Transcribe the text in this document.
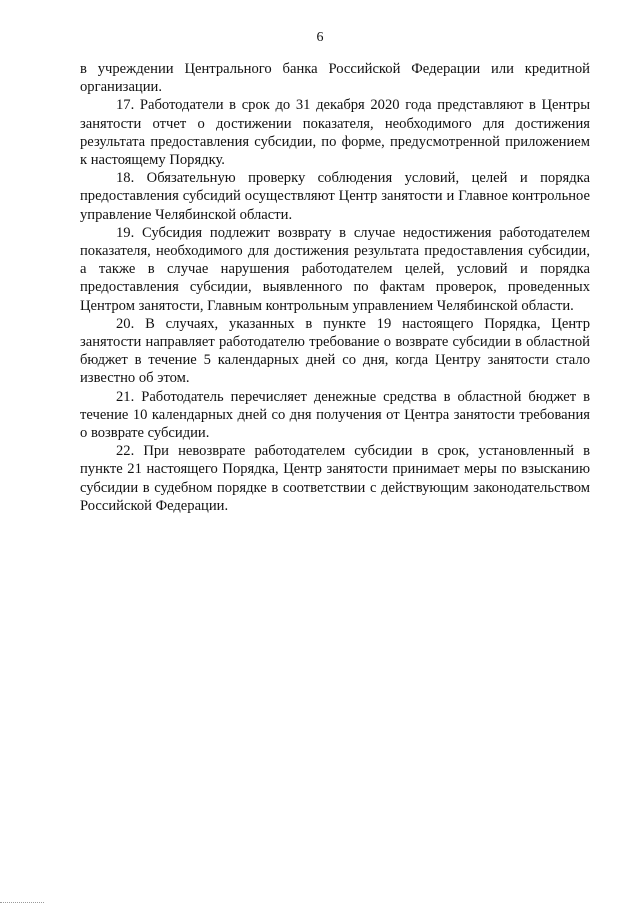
6

в учреждении Центрального банка Российской Федерации или кредитной организации.

17. Работодатели в срок до 31 декабря 2020 года представляют в Центры занятости отчет о достижении показателя, необходимого для достижения результата предоставления субсидии, по форме, предусмотренной приложением к настоящему Порядку.

18. Обязательную проверку соблюдения условий, целей и порядка предоставления субсидий осуществляют Центр занятости и Главное контрольное управление Челябинской области.

19. Субсидия подлежит возврату в случае недостижения работодателем показателя, необходимого для достижения результата предоставления субсидии, а также в случае нарушения работодателем целей, условий и порядка предоставления субсидии, выявленного по фактам проверок, проведенных Центром занятости, Главным контрольным управлением Челябинской области.

20. В случаях, указанных в пункте 19 настоящего Порядка, Центр занятости направляет работодателю требование о возврате субсидии в областной бюджет в течение 5 календарных дней со дня, когда Центру занятости стало известно об этом.

21. Работодатель перечисляет денежные средства в областной бюджет в течение 10 календарных дней со дня получения от Центра занятости требования о возврате субсидии.

22. При невозврате работодателем субсидии в срок, установленный в пункте 21 настоящего Порядка, Центр занятости принимает меры по взысканию субсидии в судебном порядке в соответствии с действующим законодательством Российской Федерации.
